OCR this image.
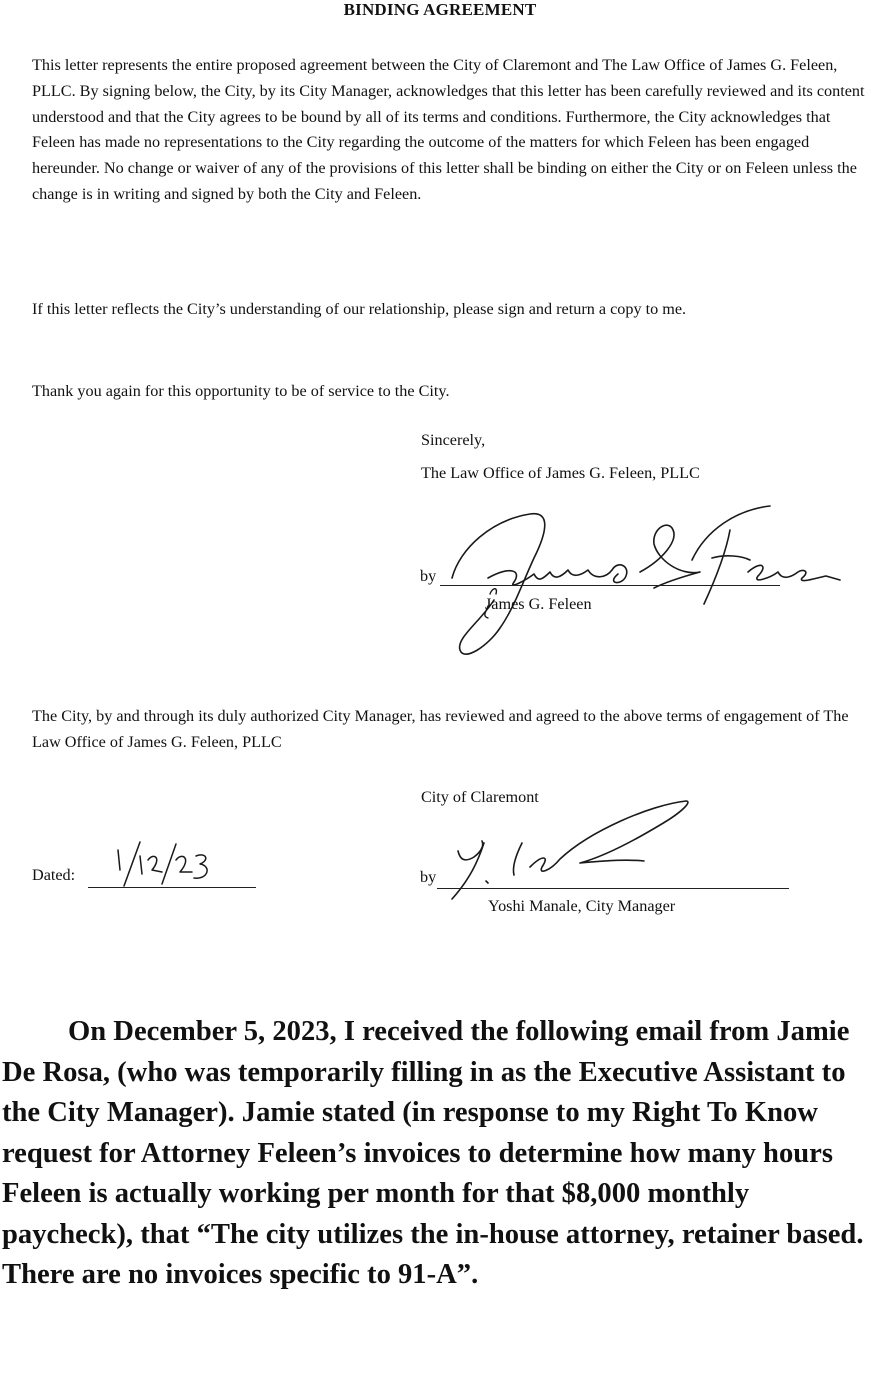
BINDING AGREEMENT

This letter represents the entire proposed agreement between the City of Claremont and The Law Office of James G. Feleen, PLLC. By signing below, the City, by its City Manager, acknowledges that this letter has been carefully reviewed and its content understood and that the City agrees to be bound by all of its terms and conditions. Furthermore, the City acknowledges that Feleen has made no representations to the City regarding the outcome of the matters for which Feleen has been engaged hereunder. No change or waiver of any of the provisions of this letter shall be binding on either the City or on Feleen unless the change is in writing and signed by both the City and Feleen.

If this letter reflects the City’s understanding of our relationship, please sign and return a copy to me.

Thank you again for this opportunity to be of service to the City.

Sincerely,
The Law Office of James G. Feleen, PLLC
by
James G. Feleen

The City, by and through its duly authorized City Manager, has reviewed and agreed to the above terms of engagement of The Law Office of James G. Feleen, PLLC

City of Claremont
Dated:	by
Yoshi Manale, City Manager

On December 5, 2023, I received the following email from Jamie De Rosa, (who was temporarily filling in as the Executive Assistant to the City Manager). Jamie stated (in response to my Right To Know request for Attorney Feleen’s invoices to determine how many hours Feleen is actually working per month for that $8,000 monthly paycheck), that “The city utilizes the in-house attorney, retainer based. There are no invoices specific to 91-A”.
